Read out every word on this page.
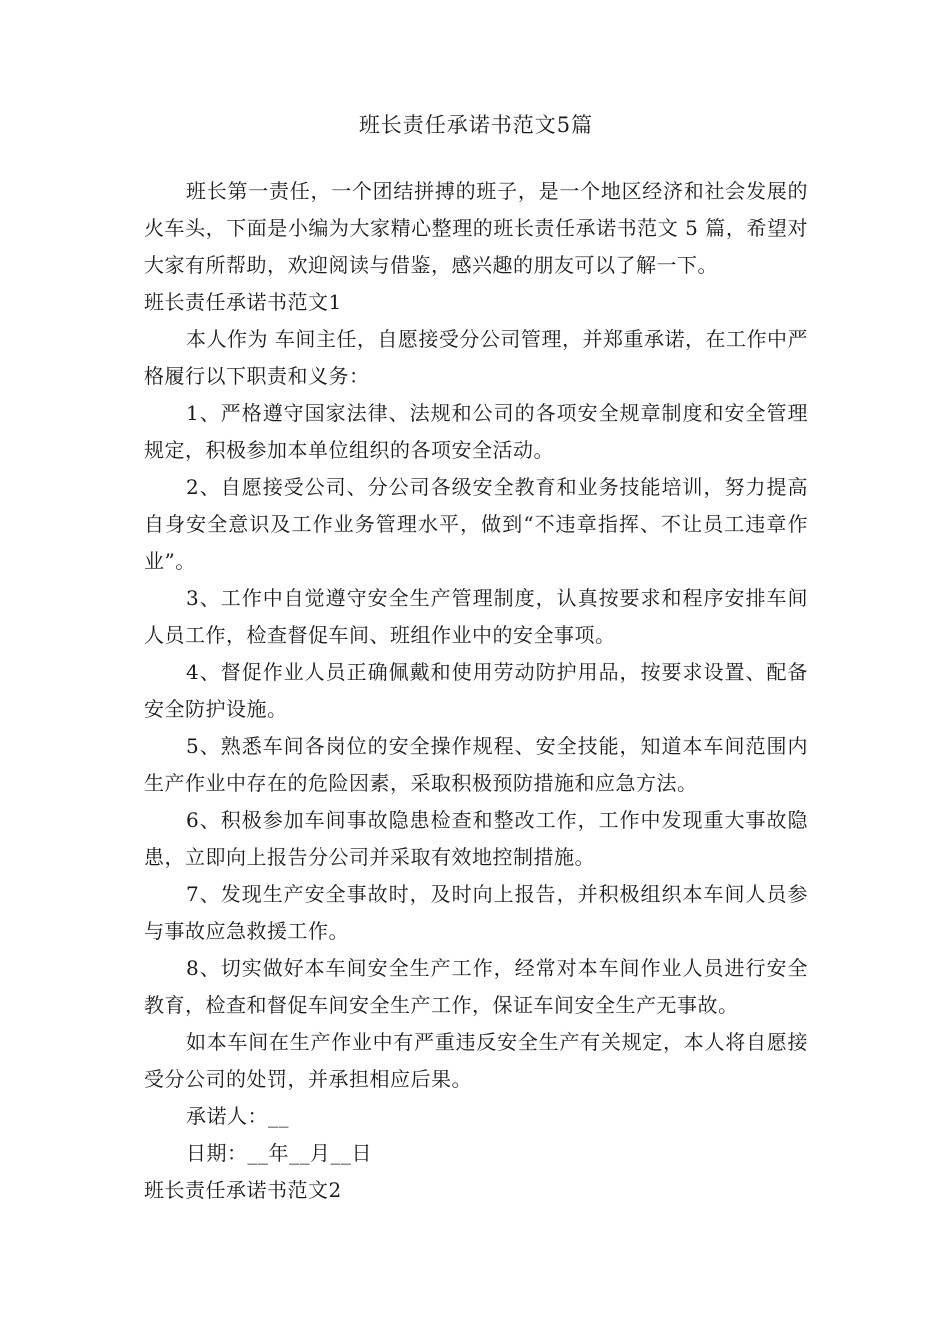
班长责任承诺书范文5篇

班长第一责任，一个团结拼搏的班子，是一个地区经济和社会发展的火车头，下面是小编为大家精心整理的班长责任承诺书范文 5 篇，希望对大家有所帮助，欢迎阅读与借鉴，感兴趣的朋友可以了解一下。

班长责任承诺书范文1

本人作为 车间主任，自愿接受分公司管理，并郑重承诺，在工作中严格履行以下职责和义务：

1、严格遵守国家法律、法规和公司的各项安全规章制度和安全管理规定，积极参加本单位组织的各项安全活动。

2、自愿接受公司、分公司各级安全教育和业务技能培训，努力提高自身安全意识及工作业务管理水平，做到“不违章指挥、不让员工违章作业”。

3、工作中自觉遵守安全生产管理制度，认真按要求和程序安排车间人员工作，检查督促车间、班组作业中的安全事项。

4、督促作业人员正确佩戴和使用劳动防护用品，按要求设置、配备安全防护设施。

5、熟悉车间各岗位的安全操作规程、安全技能，知道本车间范围内生产作业中存在的危险因素，采取积极预防措施和应急方法。

6、积极参加车间事故隐患检查和整改工作，工作中发现重大事故隐患，立即向上报告分公司并采取有效地控制措施。

7、发现生产安全事故时，及时向上报告，并积极组织本车间人员参与事故应急救援工作。

8、切实做好本车间安全生产工作，经常对本车间作业人员进行安全教育，检查和督促车间安全生产工作，保证车间安全生产无事故。

如本车间在生产作业中有严重违反安全生产有关规定，本人将自愿接受分公司的处罚，并承担相应后果。

承诺人：__

日期：__年__月__日

班长责任承诺书范文2
